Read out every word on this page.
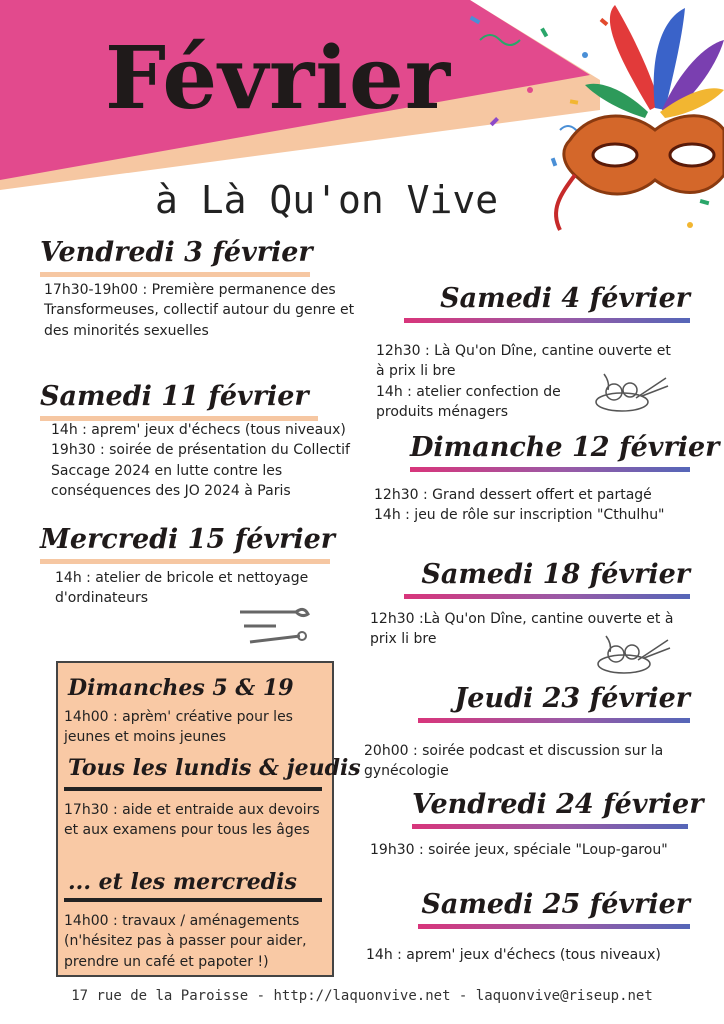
Février
à Là Qu'on Vive
Vendredi 3 février
17h30-19h00 : Première permanence des Transformeuses, collectif autour du genre et des minorités sexuelles
Samedi 11 février
14h : aprem' jeux d'échecs (tous niveaux)
19h30 : soirée de présentation du Collectif Saccage 2024 en lutte contre les conséquences des JO 2024 à Paris
Mercredi 15 février
14h : atelier de bricole et nettoyage d'ordinateurs
Dimanches 5 & 19
14h00 : aprèm' créative pour les jeunes et moins jeunes
Tous les lundis & jeudis
17h30 : aide et entraide aux devoirs et aux examens pour tous les âges
... et les mercredis
14h00 : travaux / aménagements (n'hésitez pas à passer pour aider, prendre un café et papoter !)
Samedi 4 février
12h30 : Là Qu'on Dîne, cantine ouverte et à prix li bre
14h : atelier confection de produits ménagers
Dimanche 12 février
12h30 : Grand dessert offert et partagé
14h : jeu de rôle sur inscription "Cthulhu"
Samedi 18 février
12h30 :Là Qu'on Dîne, cantine ouverte et à prix li bre
Jeudi 23 février
20h00 : soirée podcast et discussion sur la gynécologie
Vendredi 24 février
19h30 : soirée jeux, spéciale "Loup-garou"
Samedi 25 février
14h : aprem' jeux d'échecs (tous niveaux)
17 rue de la Paroisse - http://laquonvive.net - laquonvive@riseup.net
